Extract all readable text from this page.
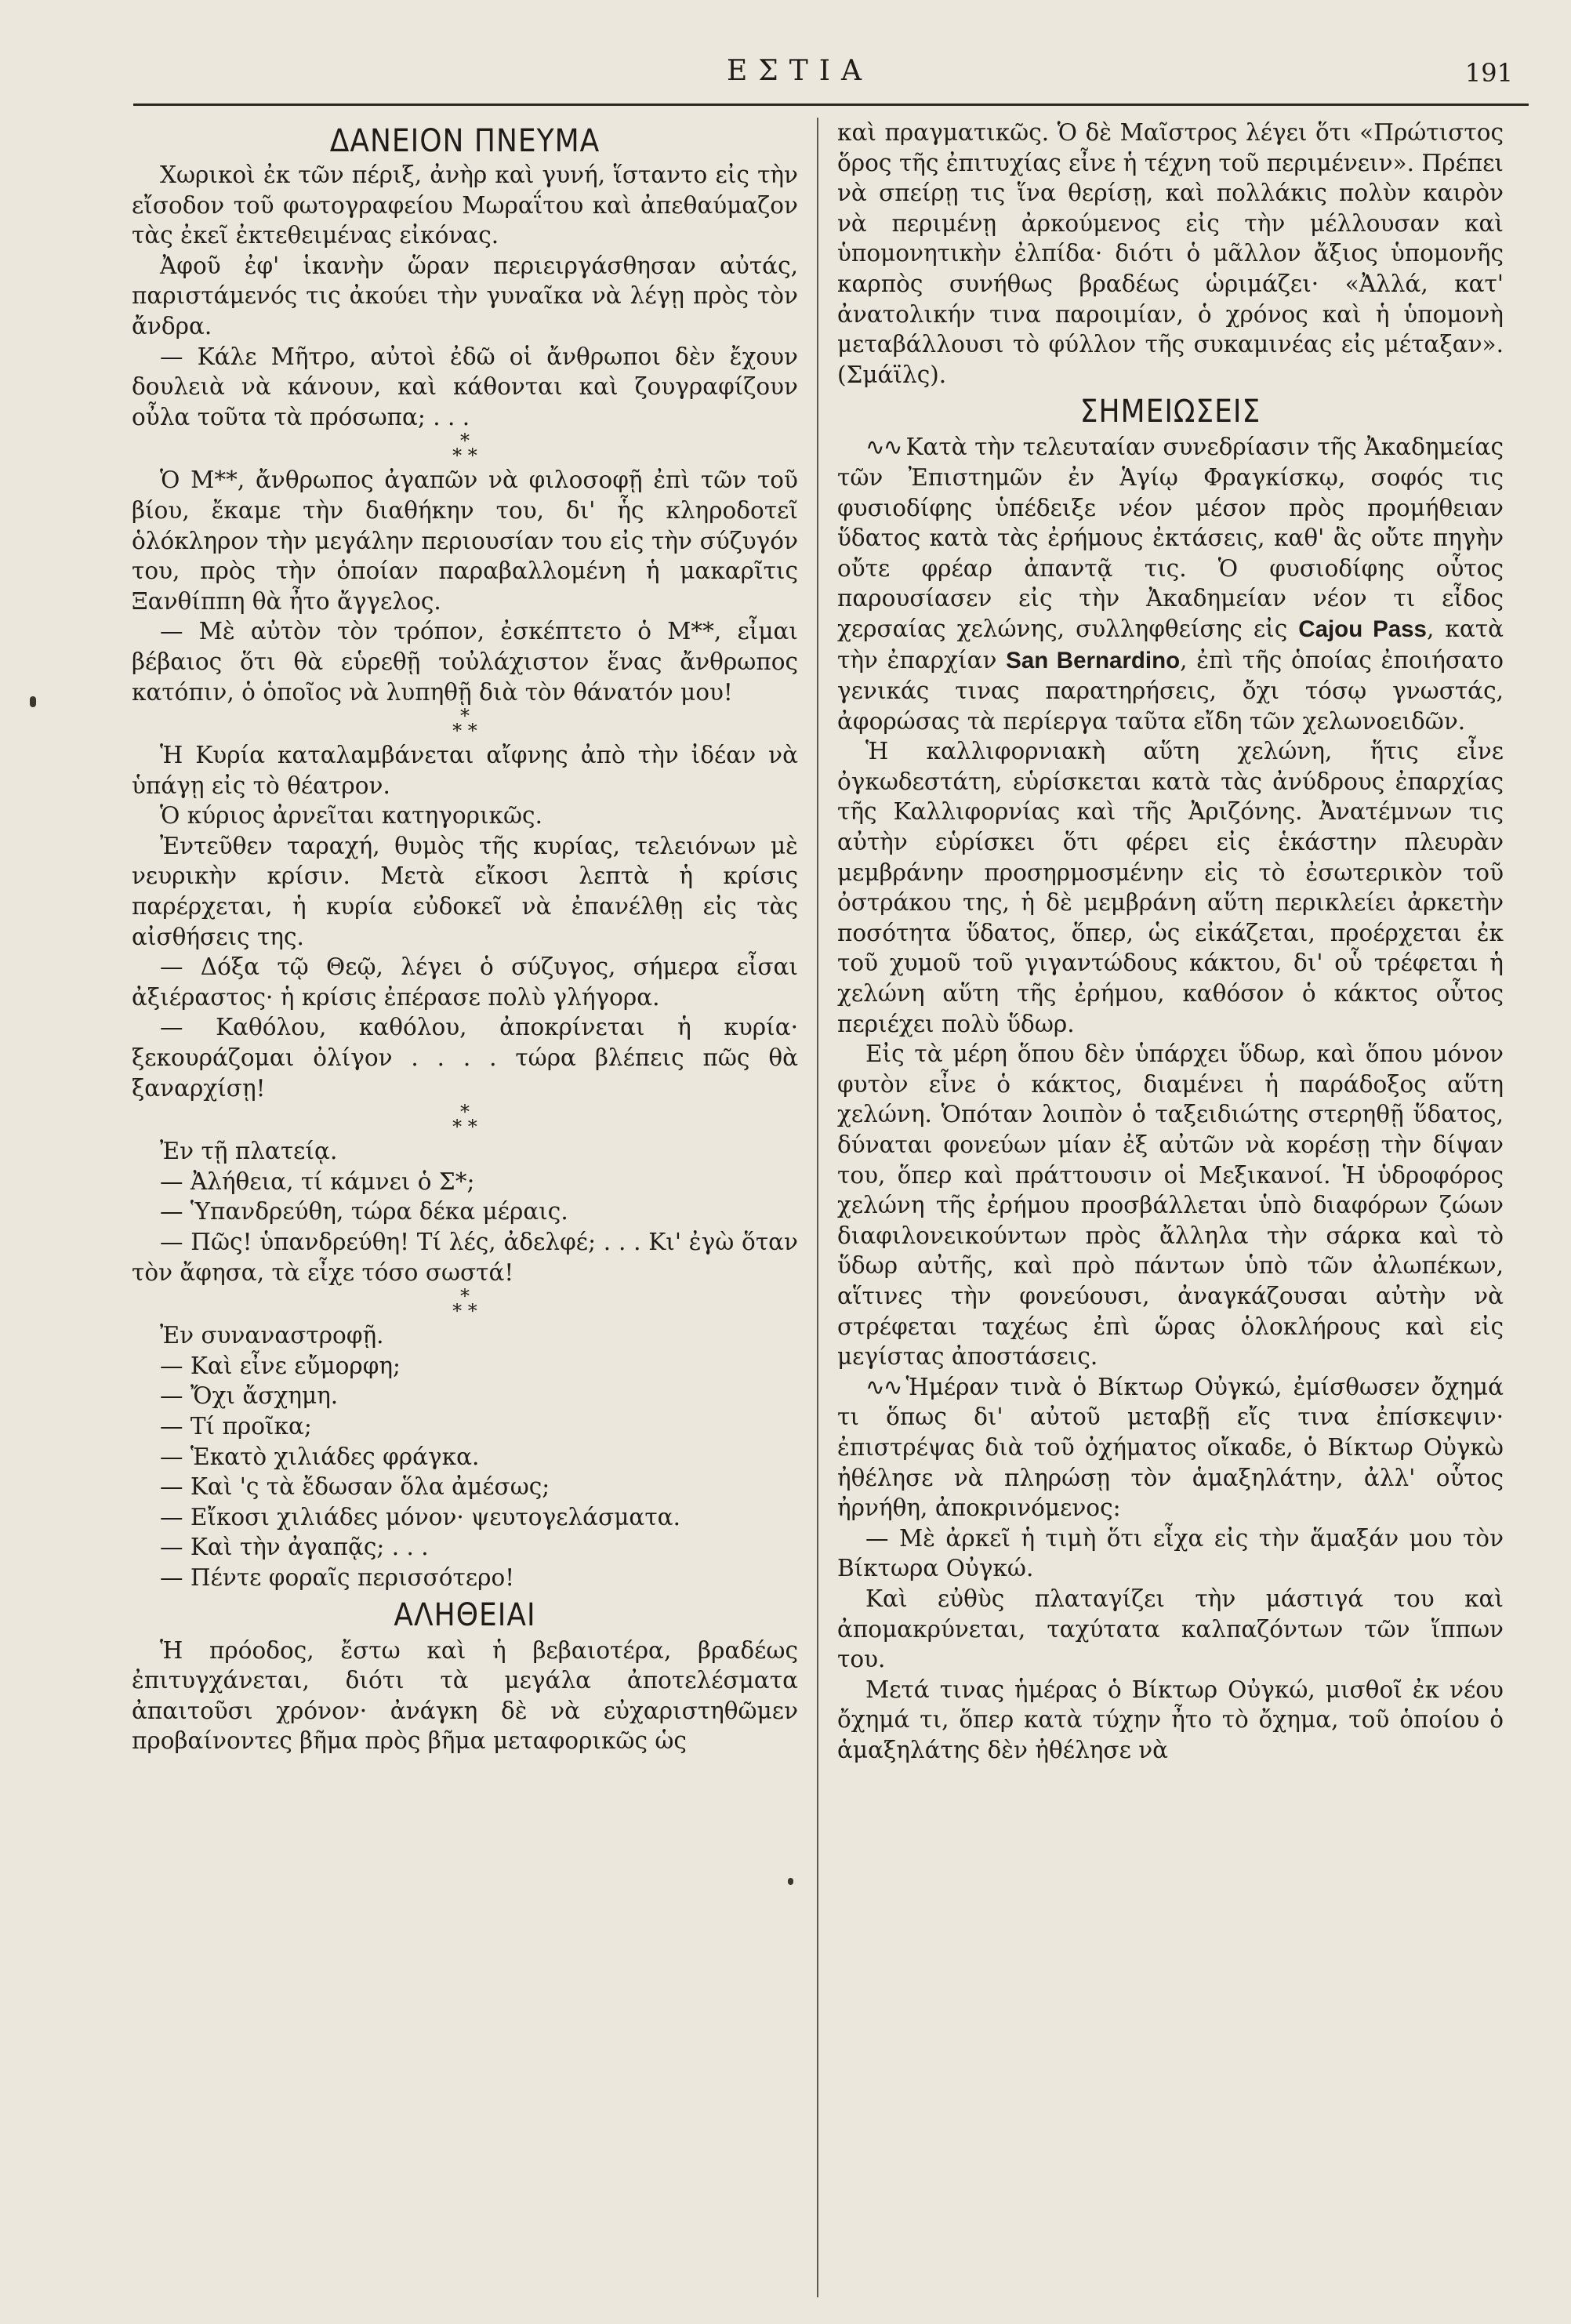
ΕΣΤΙΑ	191
ΔΑΝΕΙΟΝ ΠΝΕΥΜΑ

Χωρικοὶ ἐκ τῶν πέριξ, ἀνὴρ καὶ γυνή, ἵσταντο εἰς τὴν εἴσοδον τοῦ φωτογραφείου Μωραΐτου καὶ ἀπεθαύμαζον τὰς ἐκεῖ ἐκτεθειμένας εἰκόνας.

Ἀφοῦ ἐφ' ἱκανὴν ὥραν περιειργάσθησαν αὐτάς, παριστάμενός τις ἀκούει τὴν γυναῖκα νὰ λέγῃ πρὸς τὸν ἄνδρα.

— Κάλε Μῆτρο, αὐτοὶ ἐδῶ οἱ ἄνθρωποι δὲν ἔχουν δουλειὰ νὰ κάνουν, καὶ κάθονται καὶ ζουγραφίζουν οὖλα τοῦτα τὰ πρόσωπα; . . .

*
* *

Ὁ Μ**, ἄνθρωπος ἀγαπῶν νὰ φιλοσοφῇ ἐπὶ τῶν τοῦ βίου, ἔκαμε τὴν διαθήκην του, δι' ἧς κληροδοτεῖ ὁλόκληρον τὴν μεγάλην περιουσίαν του εἰς τὴν σύζυγόν του, πρὸς τὴν ὁποίαν παραβαλλομένη ἡ μακαρῖτις Ξανθίππη θὰ ἦτο ἄγγελος.

— Μὲ αὐτὸν τὸν τρόπον, ἐσκέπτετο ὁ Μ**, εἶμαι βέβαιος ὅτι θὰ εὑρεθῇ τοὐλάχιστον ἕνας ἄνθρωπος κατόπιν, ὁ ὁποῖος νὰ λυπηθῇ διὰ τὸν θάνατόν μου!

*
* *

Ἡ Κυρία καταλαμβάνεται αἴφνης ἀπὸ τὴν ἰδέαν νὰ ὑπάγῃ εἰς τὸ θέατρον.

Ὁ κύριος ἀρνεῖται κατηγορικῶς.

Ἐντεῦθεν ταραχή, θυμὸς τῆς κυρίας, τελειόνων μὲ νευρικὴν κρίσιν. Μετὰ εἴκοσι λεπτὰ ἡ κρίσις παρέρχεται, ἡ κυρία εὐδοκεῖ νὰ ἐπανέλθῃ εἰς τὰς αἰσθήσεις της.

— Δόξα τῷ Θεῷ, λέγει ὁ σύζυγος, σήμερα εἶσαι ἀξιέραστος· ἡ κρίσις ἐπέρασε πολὺ γλήγορα.

— Καθόλου, καθόλου, ἀποκρίνεται ἡ κυρία· ξεκουράζομαι ὀλίγον . . . . τώρα βλέπεις πῶς θὰ ξαναρχίσῃ!

*
* *

Ἐν τῇ πλατείᾳ.

— Ἀλήθεια, τί κάμνει ὁ Σ*;

— Ὑπανδρεύθη, τώρα δέκα μέραις.

— Πῶς! ὑπανδρεύθη! Τί λές, ἀδελφέ; . . . Κι' ἐγὼ ὅταν τὸν ἄφησα, τὰ εἶχε τόσο σωστά!

*
* *

Ἐν συναναστροφῇ.

— Καὶ εἶνε εὔμορφη;

— Ὄχι ἄσχημη.

— Τί προῖκα;

— Ἑκατὸ χιλιάδες φράγκα.

— Καὶ 'ς τὰ ἔδωσαν ὅλα ἀμέσως;

— Εἴκοσι χιλιάδες μόνον· ψευτογελάσματα.

— Καὶ τὴν ἀγαπᾷς; . . .

— Πέντε φοραῖς περισσότερο!

ΑΛΗΘΕΙΑΙ

Ἡ πρόοδος, ἔστω καὶ ἡ βεβαιοτέρα, βραδέως ἐπιτυγχάνεται, διότι τὰ μεγάλα ἀποτελέσματα ἀπαιτοῦσι χρόνον· ἀνάγκη δὲ νὰ εὐχαριστηθῶμεν προβαίνοντες βῆμα πρὸς βῆμα μεταφορικῶς ὡς

καὶ πραγματικῶς. Ὁ δὲ Μαῖστρος λέγει ὅτι «Πρώτιστος ὅρος τῆς ἐπιτυχίας εἶνε ἡ τέχνη τοῦ περιμένειν». Πρέπει νὰ σπείρῃ τις ἵνα θερίσῃ, καὶ πολλάκις πολὺν καιρὸν νὰ περιμένῃ ἀρκούμενος εἰς τὴν μέλλουσαν καὶ ὑπομονητικὴν ἐλπίδα· διότι ὁ μᾶλλον ἄξιος ὑπομονῆς καρπὸς συνήθως βραδέως ὡριμάζει· «Ἀλλά, κατ' ἀνατολικήν τινα παροιμίαν, ὁ χρόνος καὶ ἡ ὑπομονὴ μεταβάλλουσι τὸ φύλλον τῆς συκαμινέας εἰς μέταξαν». (Σμάϊλς).

ΣΗΜΕΙΩΣΕΙΣ

∿∿ Κατὰ τὴν τελευταίαν συνεδρίασιν τῆς Ἀκαδημείας τῶν Ἐπιστημῶν ἐν Ἁγίῳ Φραγκίσκῳ, σοφός τις φυσιοδίφης ὑπέδειξε νέον μέσον πρὸς προμήθειαν ὕδατος κατὰ τὰς ἐρήμους ἐκτάσεις, καθ' ἃς οὔτε πηγὴν οὔτε φρέαρ ἀπαντᾷ τις. Ὁ φυσιοδίφης οὗτος παρουσίασεν εἰς τὴν Ἀκαδημείαν νέον τι εἶδος χερσαίας χελώνης, συλληφθείσης εἰς Cajou Pass, κατὰ τὴν ἐπαρχίαν San Bernardino, ἐπὶ τῆς ὁποίας ἐποιήσατο γενικάς τινας παρατηρήσεις, ὄχι τόσῳ γνωστάς, ἀφορώσας τὰ περίεργα ταῦτα εἴδη τῶν χελωνοειδῶν.

Ἡ καλλιφορνιακὴ αὕτη χελώνη, ἥτις εἶνε ὀγκωδεστάτη, εὑρίσκεται κατὰ τὰς ἀνύδρους ἐπαρχίας τῆς Καλλιφορνίας καὶ τῆς Ἀριζόνης. Ἀνατέμνων τις αὐτὴν εὑρίσκει ὅτι φέρει εἰς ἑκάστην πλευρὰν μεμβράνην προσηρμοσμένην εἰς τὸ ἐσωτερικὸν τοῦ ὀστράκου της, ἡ δὲ μεμβράνη αὕτη περικλείει ἀρκετὴν ποσότητα ὕδατος, ὅπερ, ὡς εἰκάζεται, προέρχεται ἐκ τοῦ χυμοῦ τοῦ γιγαντώδους κάκτου, δι' οὗ τρέφεται ἡ χελώνη αὕτη τῆς ἐρήμου, καθόσον ὁ κάκτος οὗτος περιέχει πολὺ ὕδωρ.

Εἰς τὰ μέρη ὅπου δὲν ὑπάρχει ὕδωρ, καὶ ὅπου μόνον φυτὸν εἶνε ὁ κάκτος, διαμένει ἡ παράδοξος αὕτη χελώνη. Ὁπόταν λοιπὸν ὁ ταξειδιώτης στερηθῇ ὕδατος, δύναται φονεύων μίαν ἐξ αὐτῶν νὰ κορέσῃ τὴν δίψαν του, ὅπερ καὶ πράττουσιν οἱ Μεξικανοί. Ἡ ὑδροφόρος χελώνη τῆς ἐρήμου προσβάλλεται ὑπὸ διαφόρων ζώων διαφιλονεικούντων πρὸς ἄλληλα τὴν σάρκα καὶ τὸ ὕδωρ αὐτῆς, καὶ πρὸ πάντων ὑπὸ τῶν ἀλωπέκων, αἵτινες τὴν φονεύουσι, ἀναγκάζουσαι αὐτὴν νὰ στρέφεται ταχέως ἐπὶ ὥρας ὁλοκλήρους καὶ εἰς μεγίστας ἀποστάσεις.

∿∿ Ἡμέραν τινὰ ὁ Βίκτωρ Οὐγκώ, ἐμίσθωσεν ὄχημά τι ὅπως δι' αὐτοῦ μεταβῇ εἴς τινα ἐπίσκεψιν· ἐπιστρέψας διὰ τοῦ ὀχήματος οἴκαδε, ὁ Βίκτωρ Οὐγκὼ ἠθέλησε νὰ πληρώσῃ τὸν ἁμαξηλάτην, ἀλλ' οὗτος ἠρνήθη, ἀποκρινόμενος:

— Μὲ ἀρκεῖ ἡ τιμὴ ὅτι εἶχα εἰς τὴν ἅμαξάν μου τὸν Βίκτωρα Οὐγκώ.

Καὶ εὐθὺς πλαταγίζει τὴν μάστιγά του καὶ ἀπομακρύνεται, ταχύτατα καλπαζόντων τῶν ἵππων του.

Μετά τινας ἡμέρας ὁ Βίκτωρ Οὐγκώ, μισθοῖ ἐκ νέου ὄχημά τι, ὅπερ κατὰ τύχην ἦτο τὸ ὄχημα, τοῦ ὁποίου ὁ ἁμαξηλάτης δὲν ἠθέλησε νὰ
